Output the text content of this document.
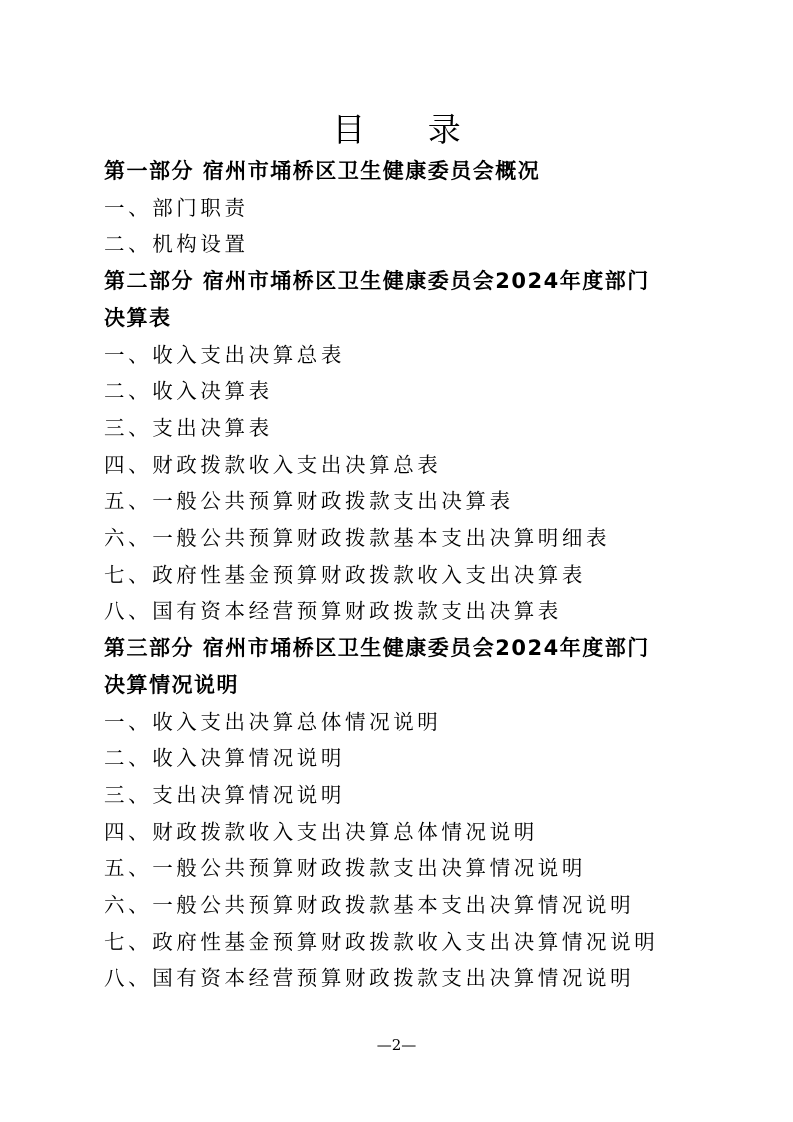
目 录

第一部分 宿州市埇桥区卫生健康委员会概况

一、部门职责

二、机构设置

第二部分 宿州市埇桥区卫生健康委员会2024年度部门

决算表

一、收入支出决算总表

二、收入决算表

三、支出决算表

四、财政拨款收入支出决算总表

五、一般公共预算财政拨款支出决算表

六、一般公共预算财政拨款基本支出决算明细表

七、政府性基金预算财政拨款收入支出决算表

八、国有资本经营预算财政拨款支出决算表

第三部分 宿州市埇桥区卫生健康委员会2024年度部门

决算情况说明

一、收入支出决算总体情况说明

二、收入决算情况说明

三、支出决算情况说明

四、财政拨款收入支出决算总体情况说明

五、一般公共预算财政拨款支出决算情况说明

六、一般公共预算财政拨款基本支出决算情况说明

七、政府性基金预算财政拨款收入支出决算情况说明

八、国有资本经营预算财政拨款支出决算情况说明

—2—
